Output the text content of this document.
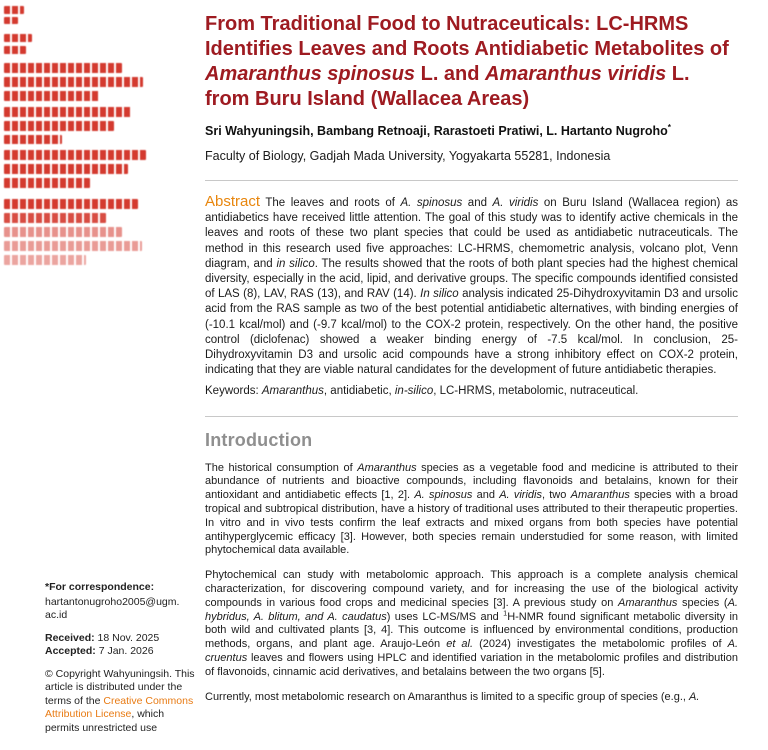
*For correspondence:

hartantonugroho2005@ugm.ac.id

Received: 18 Nov. 2025

Accepted: 7 Jan. 2026

© Copyright Wahyuningsih. This article is distributed under the terms of the Creative Commons Attribution License, which permits unrestricted use

From Traditional Food to Nutraceuticals: LC-HRMS Identifies Leaves and Roots Antidiabetic Metabolites of Amaranthus spinosus L. and Amaranthus viridis L. from Buru Island (Wallacea Areas)

Sri Wahyuningsih, Bambang Retnoaji, Rarastoeti Pratiwi, L. Hartanto Nugroho*

Faculty of Biology, Gadjah Mada University, Yogyakarta 55281, Indonesia

Abstract The leaves and roots of A. spinosus and A. viridis on Buru Island (Wallacea region) as antidiabetics have received little attention. The goal of this study was to identify active chemicals in the leaves and roots of these two plant species that could be used as antidiabetic nutraceuticals. The method in this research used five approaches: LC-HRMS, chemometric analysis, volcano plot, Venn diagram, and in silico. The results showed that the roots of both plant species had the highest chemical diversity, especially in the acid, lipid, and derivative groups. The specific compounds identified consisted of LAS (8), LAV, RAS (13), and RAV (14). In silico analysis indicated 25-Dihydroxyvitamin D3 and ursolic acid from the RAS sample as two of the best potential antidiabetic alternatives, with binding energies of (-10.1 kcal/mol) and (-9.7 kcal/mol) to the COX-2 protein, respectively. On the other hand, the positive control (diclofenac) showed a weaker binding energy of -7.5 kcal/mol. In conclusion, 25-Dihydroxyvitamin D3 and ursolic acid compounds have a strong inhibitory effect on COX-2 protein, indicating that they are viable natural candidates for the development of future antidiabetic therapies.

Keywords: Amaranthus, antidiabetic, in-silico, LC-HRMS, metabolomic, nutraceutical.

Introduction

The historical consumption of Amaranthus species as a vegetable food and medicine is attributed to their abundance of nutrients and bioactive compounds, including flavonoids and betalains, known for their antioxidant and antidiabetic effects [1, 2]. A. spinosus and A. viridis, two Amaranthus species with a broad tropical and subtropical distribution, have a history of traditional uses attributed to their therapeutic properties. In vitro and in vivo tests confirm the leaf extracts and mixed organs from both species have potential antihyperglycemic efficacy [3]. However, both species remain understudied for some reason, with limited phytochemical data available.

Phytochemical can study with metabolomic approach. This approach is a complete analysis chemical characterization, for discovering compound variety, and for increasing the use of the biological activity compounds in various food crops and medicinal species [3]. A previous study on Amaranthus species (A. hybridus, A. blitum, and A. caudatus) uses LC-MS/MS and $^1$H-NMR found significant metabolic diversity in both wild and cultivated plants [3, 4]. This outcome is influenced by environmental conditions, production methods, organs, and plant age. Araujo-León et al. (2024) investigates the metabolomic profiles of A. cruentus leaves and flowers using HPLC and identified variation in the metabolomic profiles and distribution of flavonoids, cinnamic acid derivatives, and betalains between the two organs [5].

Currently, most metabolomic research on Amaranthus is limited to a specific group of species (e.g., A.
